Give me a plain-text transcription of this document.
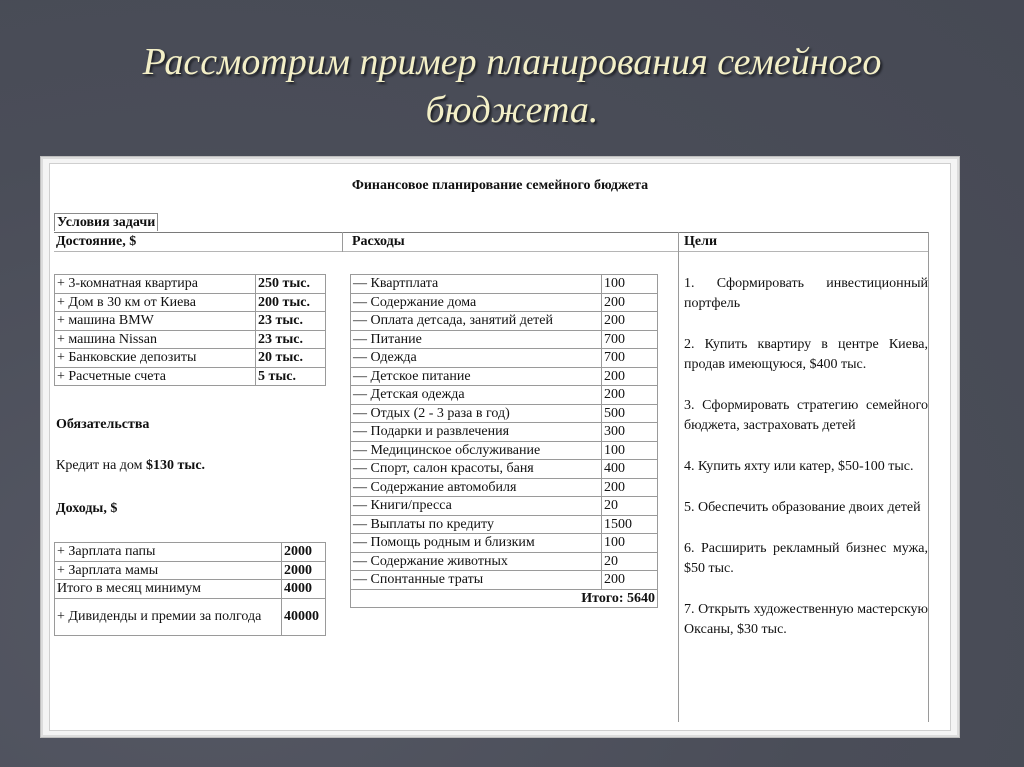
Рассмотрим пример планирования семейного
бюджета.
Финансовое планирование семейного бюджета
Условия задачи
Достояние, $	Расходы	Цели
+ 3-комнатная квартира	250 тыс.
+ Дом в 30 км от Киева	200 тыс.
+ машина BMW	23 тыс.
+ машина Nissan	23 тыс.
+ Банковские депозиты	20 тыс.
+ Расчетные счета	5 тыс.
Обязательства
Кредит на дом $130 тыс.
Доходы, $
+ Зарплата папы	2000
+ Зарплата мамы	2000
Итого в месяц минимум	4000
+ Дивиденды и премии за полгода	40000
— Квартплата	100
— Содержание дома	200
— Оплата детсада, занятий детей	200
— Питание	700
— Одежда	700
— Детское питание	200
— Детская одежда	200
— Отдых (2 - 3 раза в год)	500
— Подарки и развлечения	300
— Медицинское обслуживание	100
— Спорт, салон красоты, баня	400
— Содержание автомобиля	200
— Книги/пресса	20
— Выплаты по кредиту	1500
— Помощь родным и близким	100
— Содержание животных	20
— Спонтанные траты	200
Итого: 5640	
1. Сформировать инвестиционный портфель
2. Купить квартиру в центре Киева, продав имеющуюся, $400 тыс.
3. Сформировать стратегию семейного бюджета, застраховать детей
4. Купить яхту или катер, $50-100 тыс.
5. Обеспечить образование двоих детей
6. Расширить рекламный бизнес мужа, $50 тыс.
7. Открыть художественную мастерскую Оксаны, $30 тыс.
